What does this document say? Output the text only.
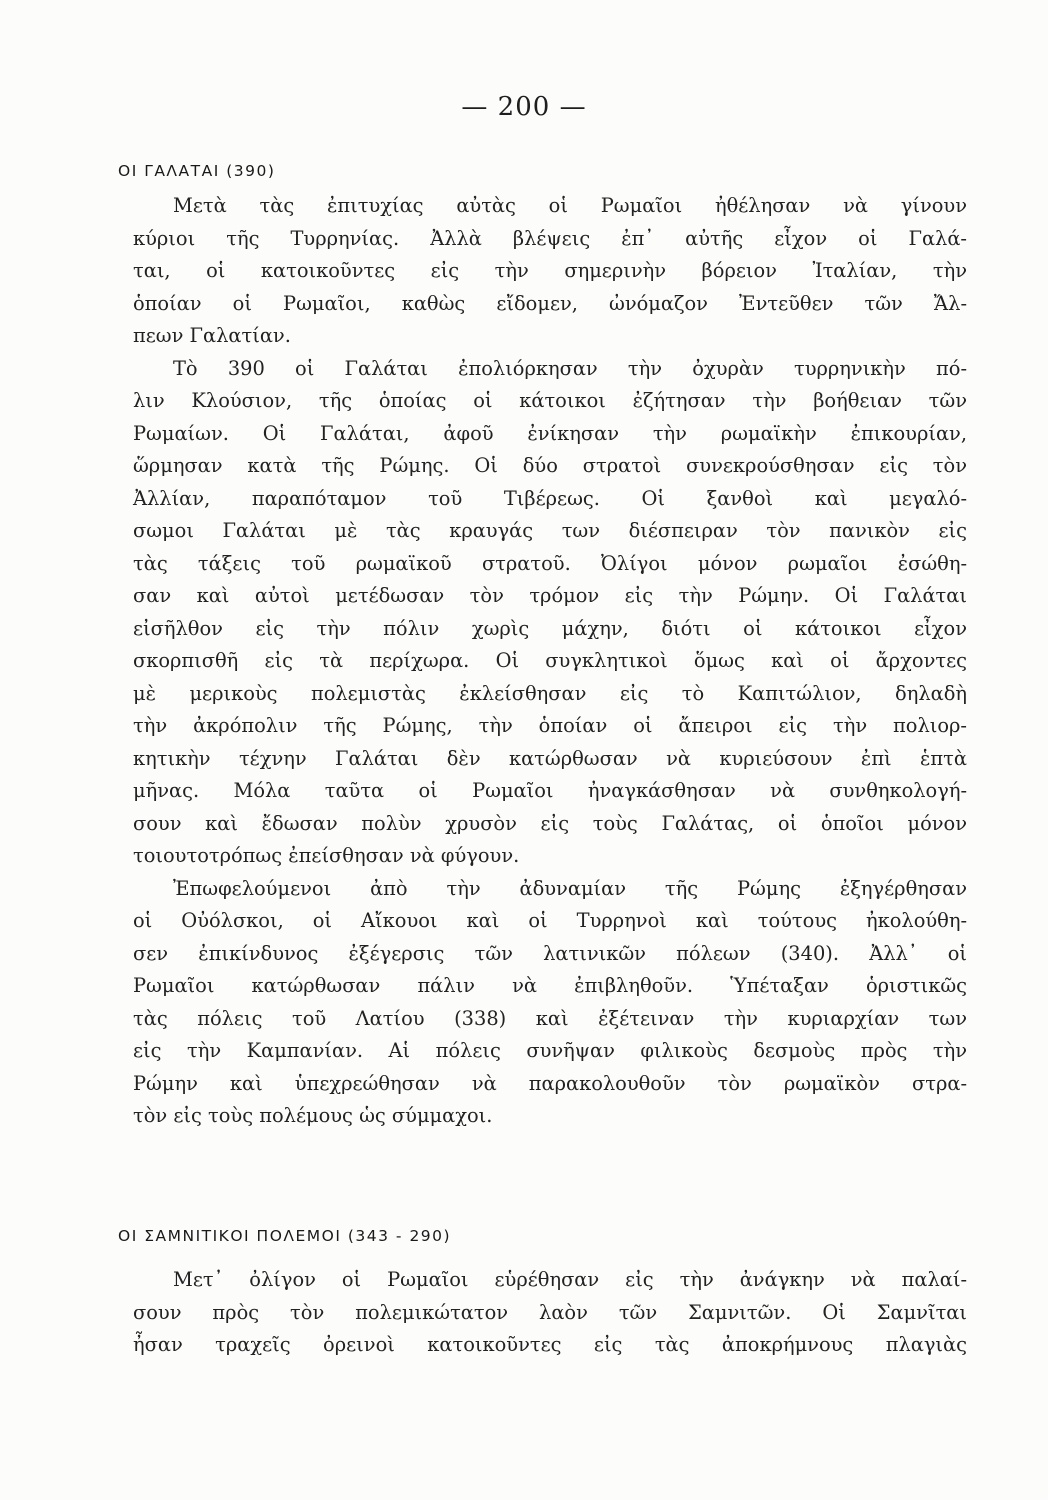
— 200 —
ΟΙ ΓΑΛΑΤΑΙ (390)
Μετὰ τὰς ἐπιτυχίας αὐτὰς οἱ Ρωμαῖοι ἠθέλησαν νὰ γίνουν
κύριοι τῆς Τυρρηνίας. Ἀλλὰ βλέψεις ἐπ᾿ αὐτῆς εἶχον οἱ Γαλά-
ται, οἱ κατοικοῦντες εἰς τὴν σημερινὴν βόρειον Ἰταλίαν, τὴν
ὁποίαν οἱ Ρωμαῖοι, καθὼς εἴδομεν, ὠνόμαζον Ἐντεῦθεν τῶν Ἄλ-
πεων Γαλατίαν.
Τὸ 390 οἱ Γαλάται ἐπολιόρκησαν τὴν ὀχυρὰν τυρρηνικὴν πό-
λιν Κλούσιον, τῆς ὁποίας οἱ κάτοικοι ἐζήτησαν τὴν βοήθειαν τῶν
Ρωμαίων. Οἱ Γαλάται, ἀφοῦ ἐνίκησαν τὴν ρωμαϊκὴν ἐπικουρίαν,
ὥρμησαν κατὰ τῆς Ρώμης. Οἱ δύο στρατοὶ συνεκρούσθησαν εἰς τὸν
Ἀλλίαν, παραπόταμον τοῦ Τιβέρεως. Οἱ ξανθοὶ καὶ μεγαλό-
σωμοι Γαλάται μὲ τὰς κραυγάς των διέσπειραν τὸν πανικὸν εἰς
τὰς τάξεις τοῦ ρωμαϊκοῦ στρατοῦ. Ὀλίγοι μόνον ρωμαῖοι ἐσώθη-
σαν καὶ αὐτοὶ μετέδωσαν τὸν τρόμον εἰς τὴν Ρώμην. Οἱ Γαλάται
εἰσῆλθον εἰς τὴν πόλιν χωρὶς μάχην, διότι οἱ κάτοικοι εἶχον
σκορπισθῆ εἰς τὰ περίχωρα. Οἱ συγκλητικοὶ ὅμως καὶ οἱ ἄρχοντες
μὲ μερικοὺς πολεμιστὰς ἐκλείσθησαν εἰς τὸ Καπιτώλιον, δηλαδὴ
τὴν ἀκρόπολιν τῆς Ρώμης, τὴν ὁποίαν οἱ ἄπειροι εἰς τὴν πολιορ-
κητικὴν τέχνην Γαλάται δὲν κατώρθωσαν νὰ κυριεύσουν ἐπὶ ἑπτὰ
μῆνας. Μόλα ταῦτα οἱ Ρωμαῖοι ἠναγκάσθησαν νὰ συνθηκολογή-
σουν καὶ ἔδωσαν πολὺν χρυσὸν εἰς τοὺς Γαλάτας, οἱ ὁποῖοι μόνον
τοιουτοτρόπως ἐπείσθησαν νὰ φύγουν.
Ἐπωφελούμενοι ἀπὸ τὴν ἀδυναμίαν τῆς Ρώμης ἐξηγέρθησαν
οἱ Οὐόλσκοι, οἱ Αἴκουοι καὶ οἱ Τυρρηνοὶ καὶ τούτους ἠκολούθη-
σεν ἐπικίνδυνος ἐξέγερσις τῶν λατινικῶν πόλεων (340). Ἀλλ᾿ οἱ
Ρωμαῖοι κατώρθωσαν πάλιν νὰ ἐπιβληθοῦν. Ὑπέταξαν ὁριστικῶς
τὰς πόλεις τοῦ Λατίου (338) καὶ ἐξέτειναν τὴν κυριαρχίαν των
εἰς τὴν Καμπανίαν. Αἱ πόλεις συνῆψαν φιλικοὺς δεσμοὺς πρὸς τὴν
Ρώμην καὶ ὑπεχρεώθησαν νὰ παρακολουθοῦν τὸν ρωμαϊκὸν στρα-
τὸν εἰς τοὺς πολέμους ὡς σύμμαχοι.
ΟΙ ΣΑΜΝΙΤΙΚΟΙ ΠΟΛΕΜΟΙ (343 - 290)
Μετ᾿ ὀλίγον οἱ Ρωμαῖοι εὑρέθησαν εἰς τὴν ἀνάγκην νὰ παλαί-
σουν πρὸς τὸν πολεμικώτατον λαὸν τῶν Σαμνιτῶν. Οἱ Σαμνῖται
ἦσαν τραχεῖς ὀρεινοὶ κατοικοῦντες εἰς τὰς ἀποκρήμνους πλαγιὰς
